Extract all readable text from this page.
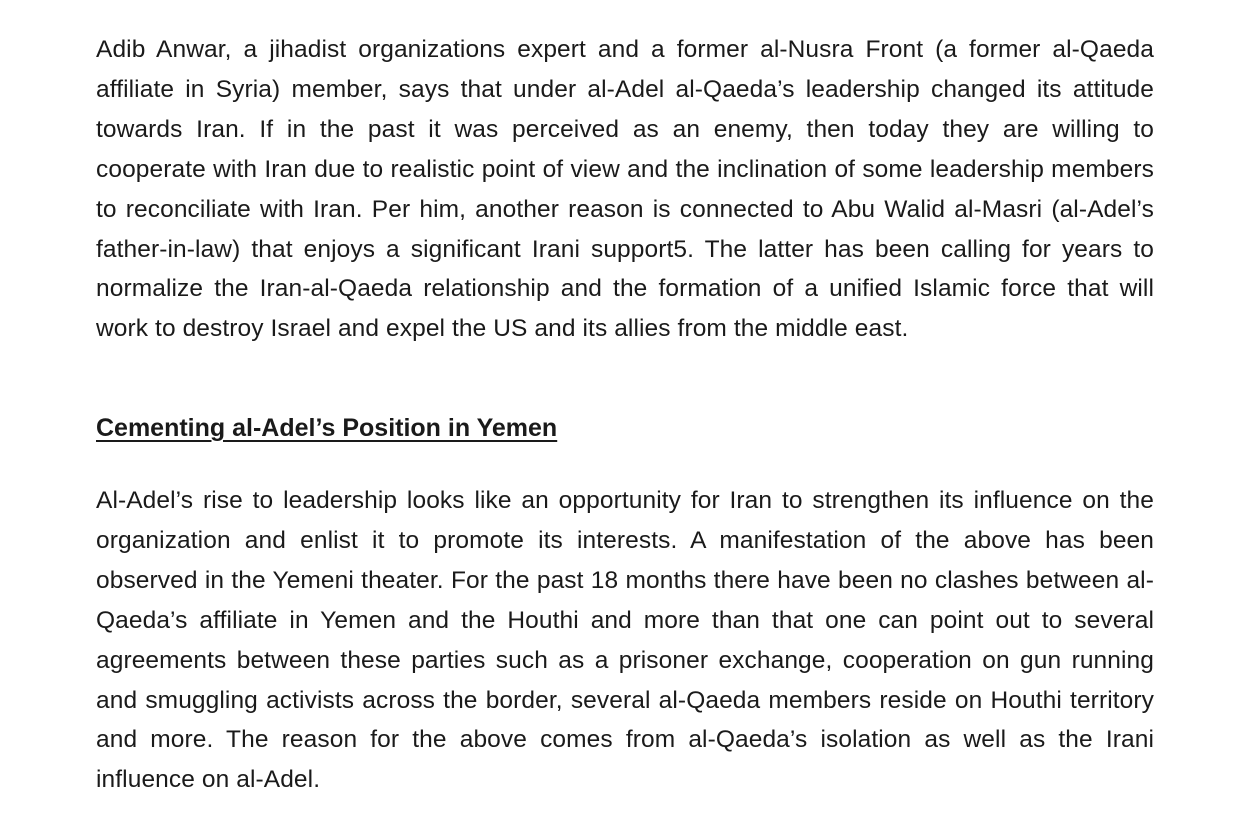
Adib Anwar, a jihadist organizations expert and a former al-Nusra Front (a former al-Qaeda affiliate in Syria) member, says that under al-Adel al-Qaeda’s leadership changed its attitude towards Iran. If in the past it was perceived as an enemy, then today they are willing to cooperate with Iran due to realistic point of view and the inclination of some leadership members to reconciliate with Iran. Per him, another reason is connected to Abu Walid al-Masri (al-Adel’s father-in-law) that enjoys a significant Irani support5. The latter has been calling for years to normalize the Iran-al-Qaeda relationship and the formation of a unified Islamic force that will work to destroy Israel and expel the US and its allies from the middle east.

Cementing al-Adel’s Position in Yemen

Al-Adel’s rise to leadership looks like an opportunity for Iran to strengthen its influence on the organization and enlist it to promote its interests. A manifestation of the above has been observed in the Yemeni theater. For the past 18 months there have been no clashes between al-Qaeda’s affiliate in Yemen and the Houthi and more than that one can point out to several agreements between these parties such as a prisoner exchange, cooperation on gun running and smuggling activists across the border, several al-Qaeda members reside on Houthi territory and more. The reason for the above comes from al-Qaeda’s isolation as well as the Irani influence on al-Adel.
